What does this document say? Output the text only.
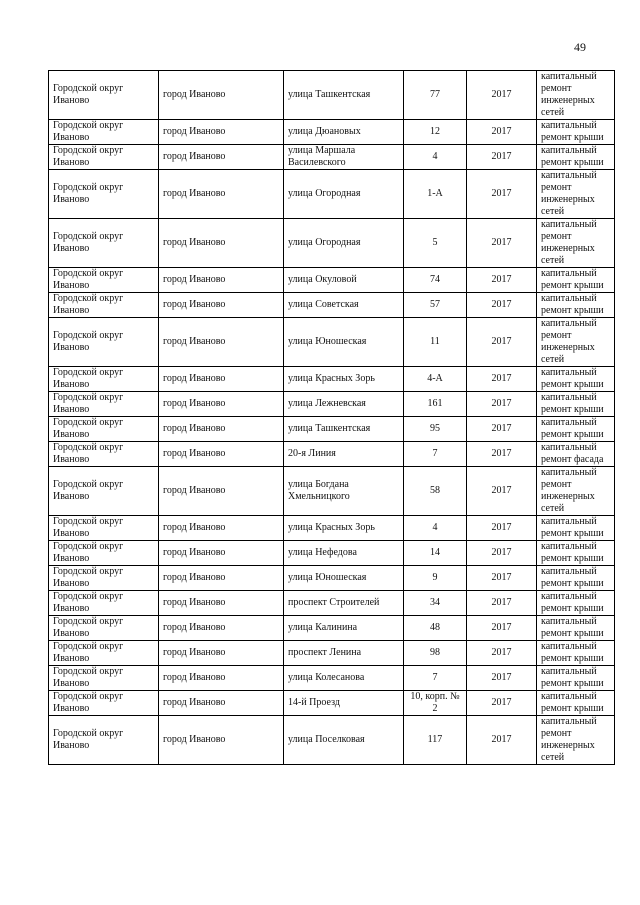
49
Городской округ Иваново	город Иваново	улица Ташкентская	77	2017	капитальный ремонт инженерных сетей
Городской округ Иваново	город Иваново	улица Дюановых	12	2017	капитальный ремонт крыши
Городской округ Иваново	город Иваново	улица Маршала Василевского	4	2017	капитальный ремонт крыши
Городской округ Иваново	город Иваново	улица Огородная	1-А	2017	капитальный ремонт инженерных сетей
Городской округ Иваново	город Иваново	улица Огородная	5	2017	капитальный ремонт инженерных сетей
Городской округ Иваново	город Иваново	улица Окуловой	74	2017	капитальный ремонт крыши
Городской округ Иваново	город Иваново	улица Советская	57	2017	капитальный ремонт крыши
Городской округ Иваново	город Иваново	улица Юношеская	11	2017	капитальный ремонт инженерных сетей
Городской округ Иваново	город Иваново	улица Красных Зорь	4-А	2017	капитальный ремонт крыши
Городской округ Иваново	город Иваново	улица Лежневская	161	2017	капитальный ремонт крыши
Городской округ Иваново	город Иваново	улица Ташкентская	95	2017	капитальный ремонт крыши
Городской округ Иваново	город Иваново	20-я Линия	7	2017	капитальный ремонт фасада
Городской округ Иваново	город Иваново	улица Богдана Хмельницкого	58	2017	капитальный ремонт инженерных сетей
Городской округ Иваново	город Иваново	улица Красных Зорь	4	2017	капитальный ремонт крыши
Городской округ Иваново	город Иваново	улица Нефедова	14	2017	капитальный ремонт крыши
Городской округ Иваново	город Иваново	улица Юношеская	9	2017	капитальный ремонт крыши
Городской округ Иваново	город Иваново	проспект Строителей	34	2017	капитальный ремонт крыши
Городской округ Иваново	город Иваново	улица Калинина	48	2017	капитальный ремонт крыши
Городской округ Иваново	город Иваново	проспект Ленина	98	2017	капитальный ремонт крыши
Городской округ Иваново	город Иваново	улица Колесанова	7	2017	капитальный ремонт крыши
Городской округ Иваново	город Иваново	14-й Проезд	10, корп. № 2	2017	капитальный ремонт крыши
Городской округ Иваново	город Иваново	улица Поселковая	117	2017	капитальный ремонт инженерных сетей
